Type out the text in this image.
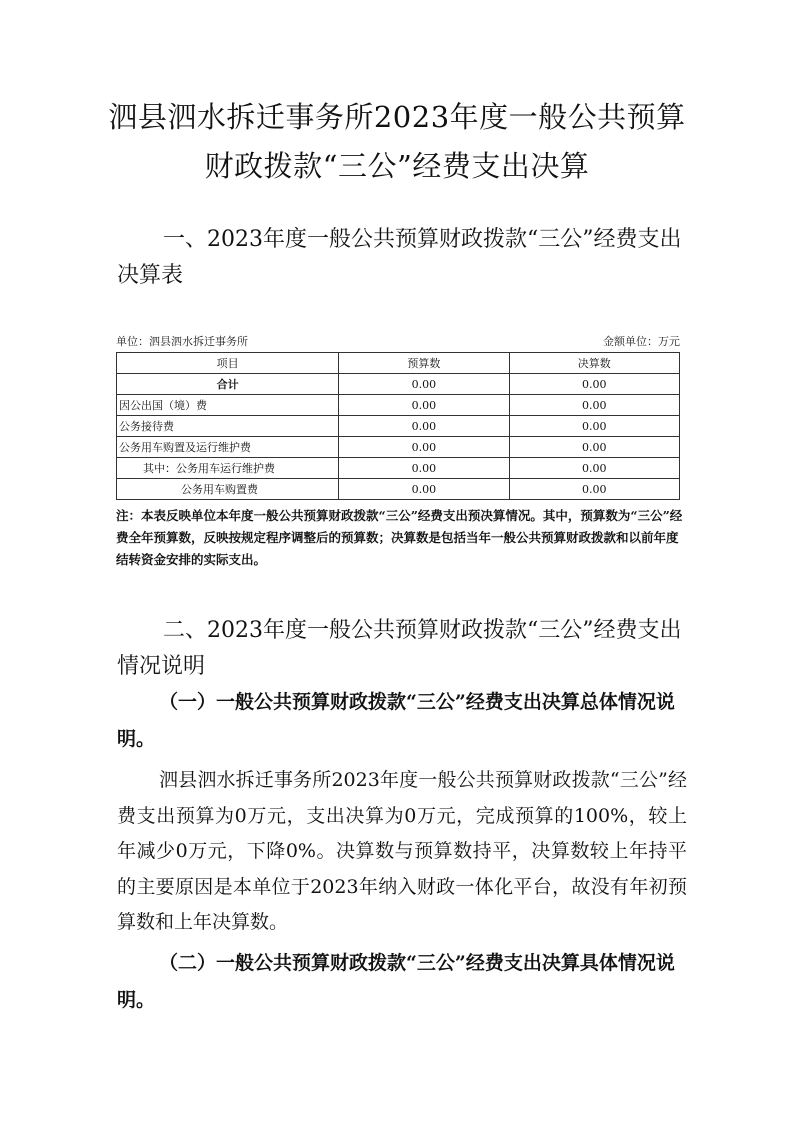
泗县泗水拆迁事务所2023年度一般公共预算
财政拨款“三公”经费支出决算
一、2023年度一般公共预算财政拨款“三公”经费支出决算表
单位：泗县泗水拆迁事务所	金额单位：万元
项目	预算数	决算数
合计	0.00	0.00
因公出国（境）费	0.00	0.00
公务接待费	0.00	0.00
公务用车购置及运行维护费	0.00	0.00
其中：公务用车运行维护费	0.00	0.00
公务用车购置费	0.00	0.00
注：本表反映单位本年度一般公共预算财政拨款“三公”经费支出预决算情况。其中，预算数为“三公”经费全年预算数，反映按规定程序调整后的预算数；决算数是包括当年一般公共预算财政拨款和以前年度结转资金安排的实际支出。
二、2023年度一般公共预算财政拨款“三公”经费支出情况说明
（一）一般公共预算财政拨款“三公”经费支出决算总体情况说明。
泗县泗水拆迁事务所2023年度一般公共预算财政拨款“三公”经费支出预算为0万元，支出决算为0万元，完成预算的100%，较上年减少0万元，下降0%。决算数与预算数持平，决算数较上年持平的主要原因是本单位于2023年纳入财政一体化平台，故没有年初预算数和上年决算数。
（二）一般公共预算财政拨款“三公”经费支出决算具体情况说明。
